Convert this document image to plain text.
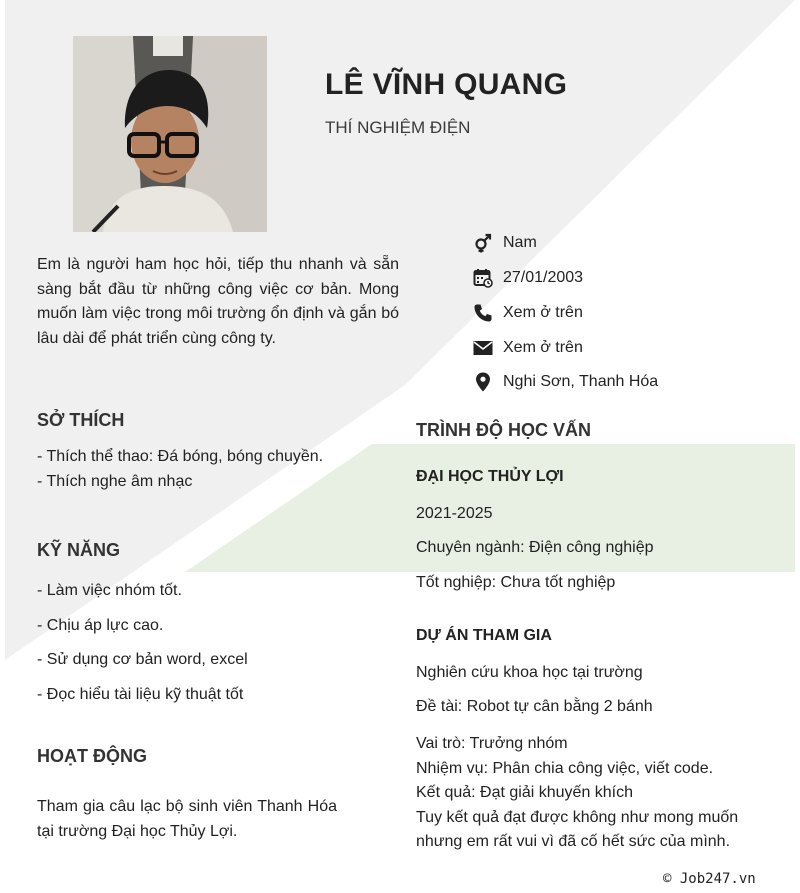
LÊ VĨNH QUANG
THÍ NGHIỆM ĐIỆN
Em là người ham học hỏi, tiếp thu nhanh và sẵn sàng bắt đầu từ những công việc cơ bản. Mong muốn làm việc trong môi trường ổn định và gắn bó lâu dài để phát triển cùng công ty.
Nam
27/01/2003
Xem ở trên
Xem ở trên
Nghi Sơn, Thanh Hóa
SỞ THÍCH
- Thích thể thao: Đá bóng, bóng chuyền.
- Thích nghe âm nhạc
KỸ NĂNG
- Làm việc nhóm tốt.
- Chịu áp lực cao.
- Sử dụng cơ bản word, excel
- Đọc hiểu tài liệu kỹ thuật tốt
HOẠT ĐỘNG
Tham gia câu lạc bộ sinh viên Thanh Hóa tại trường Đại học Thủy Lợi.
TRÌNH ĐỘ HỌC VẤN
ĐẠI HỌC THỦY LỢI
2021-2025
Chuyên ngành: Điện công nghiệp
Tốt nghiệp: Chưa tốt nghiệp
DỰ ÁN THAM GIA
Nghiên cứu khoa học tại trường
Đề tài: Robot tự cân bằng 2 bánh
Vai trò: Trưởng nhóm
Nhiệm vụ: Phân chia công việc, viết code.
Kết quả: Đạt giải khuyến khích
Tuy kết quả đạt được không như mong muốn nhưng em rất vui vì đã cố hết sức của mình.
© Job247.vn
